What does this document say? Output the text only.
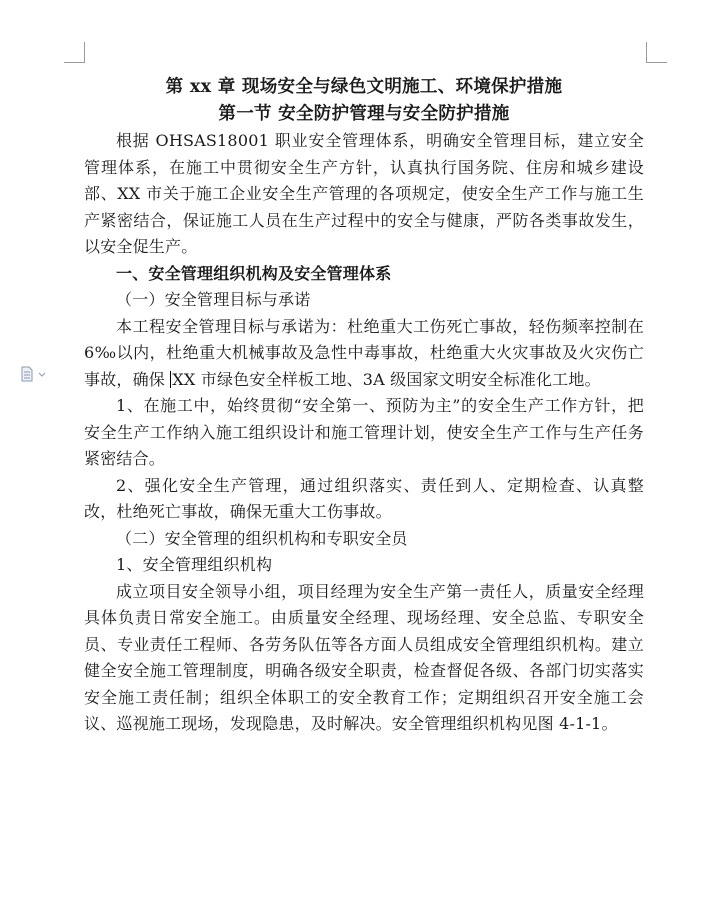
第 xx 章 现场安全与绿色文明施工、环境保护措施

第一节 安全防护管理与安全防护措施

根据 OHSAS18001 职业安全管理体系，明确安全管理目标，建立安全管理体系，在施工中贯彻安全生产方针，认真执行国务院、住房和城乡建设部、XX 市关于施工企业安全生产管理的各项规定，使安全生产工作与施工生产紧密结合，保证施工人员在生产过程中的安全与健康，严防各类事故发生，以安全促生产。

一、安全管理组织机构及安全管理体系

（一）安全管理目标与承诺

本工程安全管理目标与承诺为：杜绝重大工伤死亡事故，轻伤频率控制在 6‰以内，杜绝重大机械事故及急性中毒事故，杜绝重大火灾事故及火灾伤亡事故，确保 XX 市绿色安全样板工地、3A 级国家文明安全标准化工地。

1、在施工中，始终贯彻“安全第一、预防为主”的安全生产工作方针，把安全生产工作纳入施工组织设计和施工管理计划，使安全生产工作与生产任务紧密结合。

2、强化安全生产管理，通过组织落实、责任到人、定期检查、认真整改，杜绝死亡事故，确保无重大工伤事故。

（二）安全管理的组织机构和专职安全员

1、安全管理组织机构

成立项目安全领导小组，项目经理为安全生产第一责任人，质量安全经理具体负责日常安全施工。由质量安全经理、现场经理、安全总监、专职安全员、专业责任工程师、各劳务队伍等各方面人员组成安全管理组织机构。建立健全安全施工管理制度，明确各级安全职责，检查督促各级、各部门切实落实安全施工责任制；组织全体职工的安全教育工作；定期组织召开安全施工会议、巡视施工现场，发现隐患，及时解决。安全管理组织机构见图 4-1-1。
